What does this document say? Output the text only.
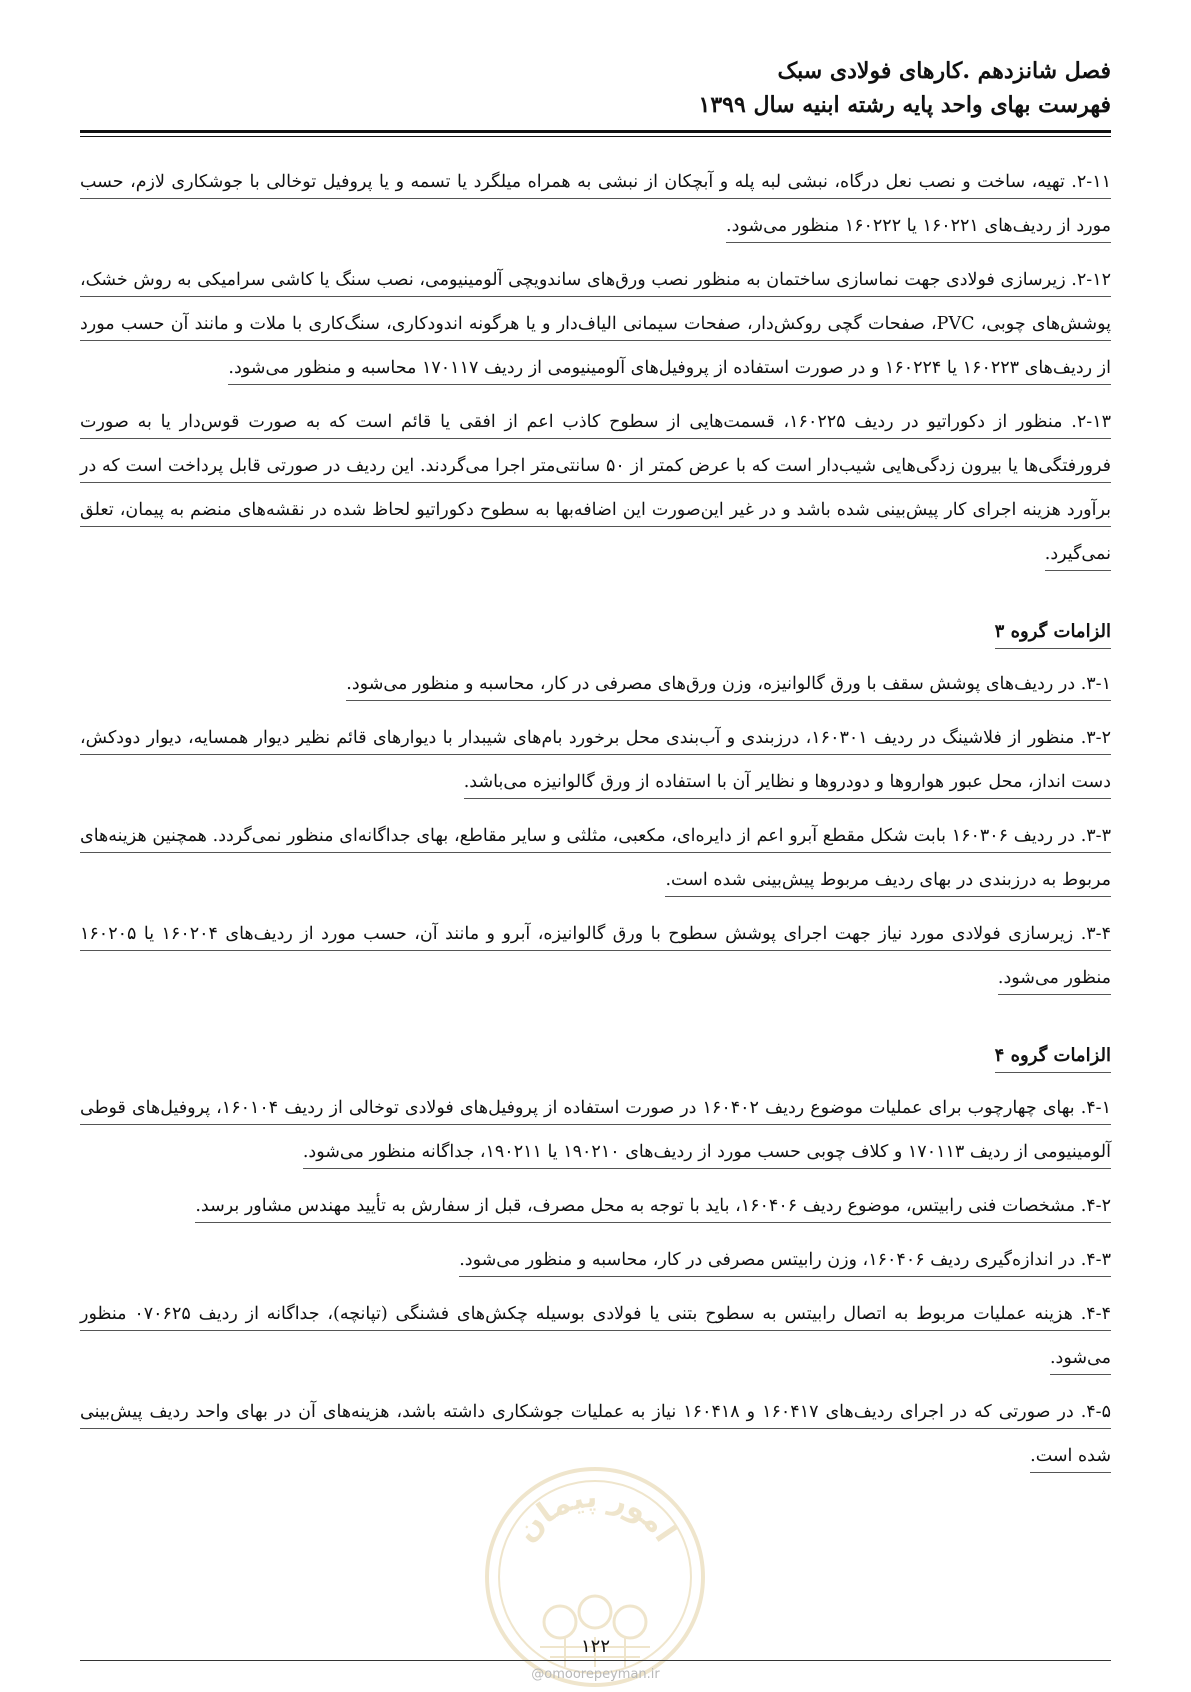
فصل شانزدهم .کارهای فولادی سبک
فهرست بهای واحد پایه رشته ابنیه سال ۱۳۹۹

۲-۱۱. تهیه، ساخت و نصب نعل درگاه، نبشی لبه پله و آبچکان از نبشی به همراه میلگرد یا تسمه و یا پروفیل توخالی با جوشکاری لازم، حسب مورد از ردیف‌های ۱۶۰۲۲۱ یا ۱۶۰۲۲۲ منظور می‌شود.

۲-۱۲. زیرسازی فولادی جهت نماسازی ساختمان به منظور نصب ورق‌های ساندویچی آلومینیومی، نصب سنگ یا کاشی سرامیکی به روش خشک، پوشش‌های چوبی، PVC، صفحات گچی روکش‌دار، صفحات سیمانی الیاف‌دار و یا هرگونه اندودکاری، سنگ‌کاری با ملات و مانند آن حسب مورد از ردیف‌های ۱۶۰۲۲۳ یا ۱۶۰۲۲۴ و در صورت استفاده از پروفیل‌های آلومینیومی از ردیف ۱۷۰۱۱۷ محاسبه و منظور می‌شود.

۲-۱۳. منظور از دکوراتیو در ردیف ۱۶۰۲۲۵، قسمت‌هایی از سطوح کاذب اعم از افقی یا قائم است که به صورت قوس‌دار یا به صورت فرورفتگی‌ها یا بیرون زدگی‌هایی شیب‌دار است که با عرض کمتر از ۵۰ سانتی‌متر اجرا می‌گردند. این ردیف در صورتی قابل پرداخت است که در برآورد هزینه اجرای کار پیش‌بینی شده باشد و در غیر این‌صورت این اضافه‌بها به سطوح دکوراتیو لحاظ شده در نقشه‌های منضم به پیمان، تعلق نمی‌گیرد.

الزامات گروه ۳

۳-۱. در ردیف‌های پوشش سقف با ورق گالوانیزه، وزن ورق‌های مصرفی در کار، محاسبه و منظور می‌شود.

۳-۲. منظور از فلاشینگ در ردیف ۱۶۰۳۰۱، درزبندی و آب‌بندی محل برخورد بام‌های شیبدار با دیوارهای قائم نظیر دیوار همسایه، دیوار دودکش، دست انداز، محل عبور هواروها و دودروها و نظایر آن با استفاده از ورق گالوانیزه می‌باشد.

۳-۳. در ردیف ۱۶۰۳۰۶ بابت شکل مقطع آبرو اعم از دایره‌ای، مکعبی، مثلثی و سایر مقاطع، بهای جداگانه‌ای منظور نمی‌گردد. همچنین هزینه‌های مربوط به درزبندی در بهای ردیف مربوط پیش‌بینی شده است.

۳-۴. زیرسازی فولادی مورد نیاز جهت اجرای پوشش سطوح با ورق گالوانیزه، آبرو و مانند آن، حسب مورد از ردیف‌های ۱۶۰۲۰۴ یا ۱۶۰۲۰۵ منظور می‌شود.

الزامات گروه ۴

۴-۱. بهای چهارچوب برای عملیات موضوع ردیف ۱۶۰۴۰۲ در صورت استفاده از پروفیل‌های فولادی توخالی از ردیف ۱۶۰۱۰۴، پروفیل‌های قوطی آلومینیومی از ردیف ۱۷۰۱۱۳ و کلاف چوبی حسب مورد از ردیف‌های ۱۹۰۲۱۰ یا ۱۹۰۲۱۱، جداگانه منظور می‌شود.

۴-۲. مشخصات فنی رابیتس، موضوع ردیف ۱۶۰۴۰۶، باید با توجه به محل مصرف، قبل از سفارش به تأیید مهندس مشاور برسد.

۴-۳. در اندازه‌گیری ردیف ۱۶۰۴۰۶، وزن رابیتس مصرفی در کار، محاسبه و منظور می‌شود.

۴-۴. هزینه عملیات مربوط به اتصال رابیتس به سطوح بتنی یا فولادی بوسیله چکش‌های فشنگی (تپانچه)، جداگانه از ردیف ۰۷۰۶۲۵ منظور می‌شود.

۴-۵. در صورتی که در اجرای ردیف‌های ۱۶۰۴۱۷ و ۱۶۰۴۱۸ نیاز به عملیات جوشکاری داشته باشد، هزینه‌های آن در بهای واحد ردیف پیش‌بینی شده است.

امور پیمان
۱۲۲
@omoorepeyman.ir
